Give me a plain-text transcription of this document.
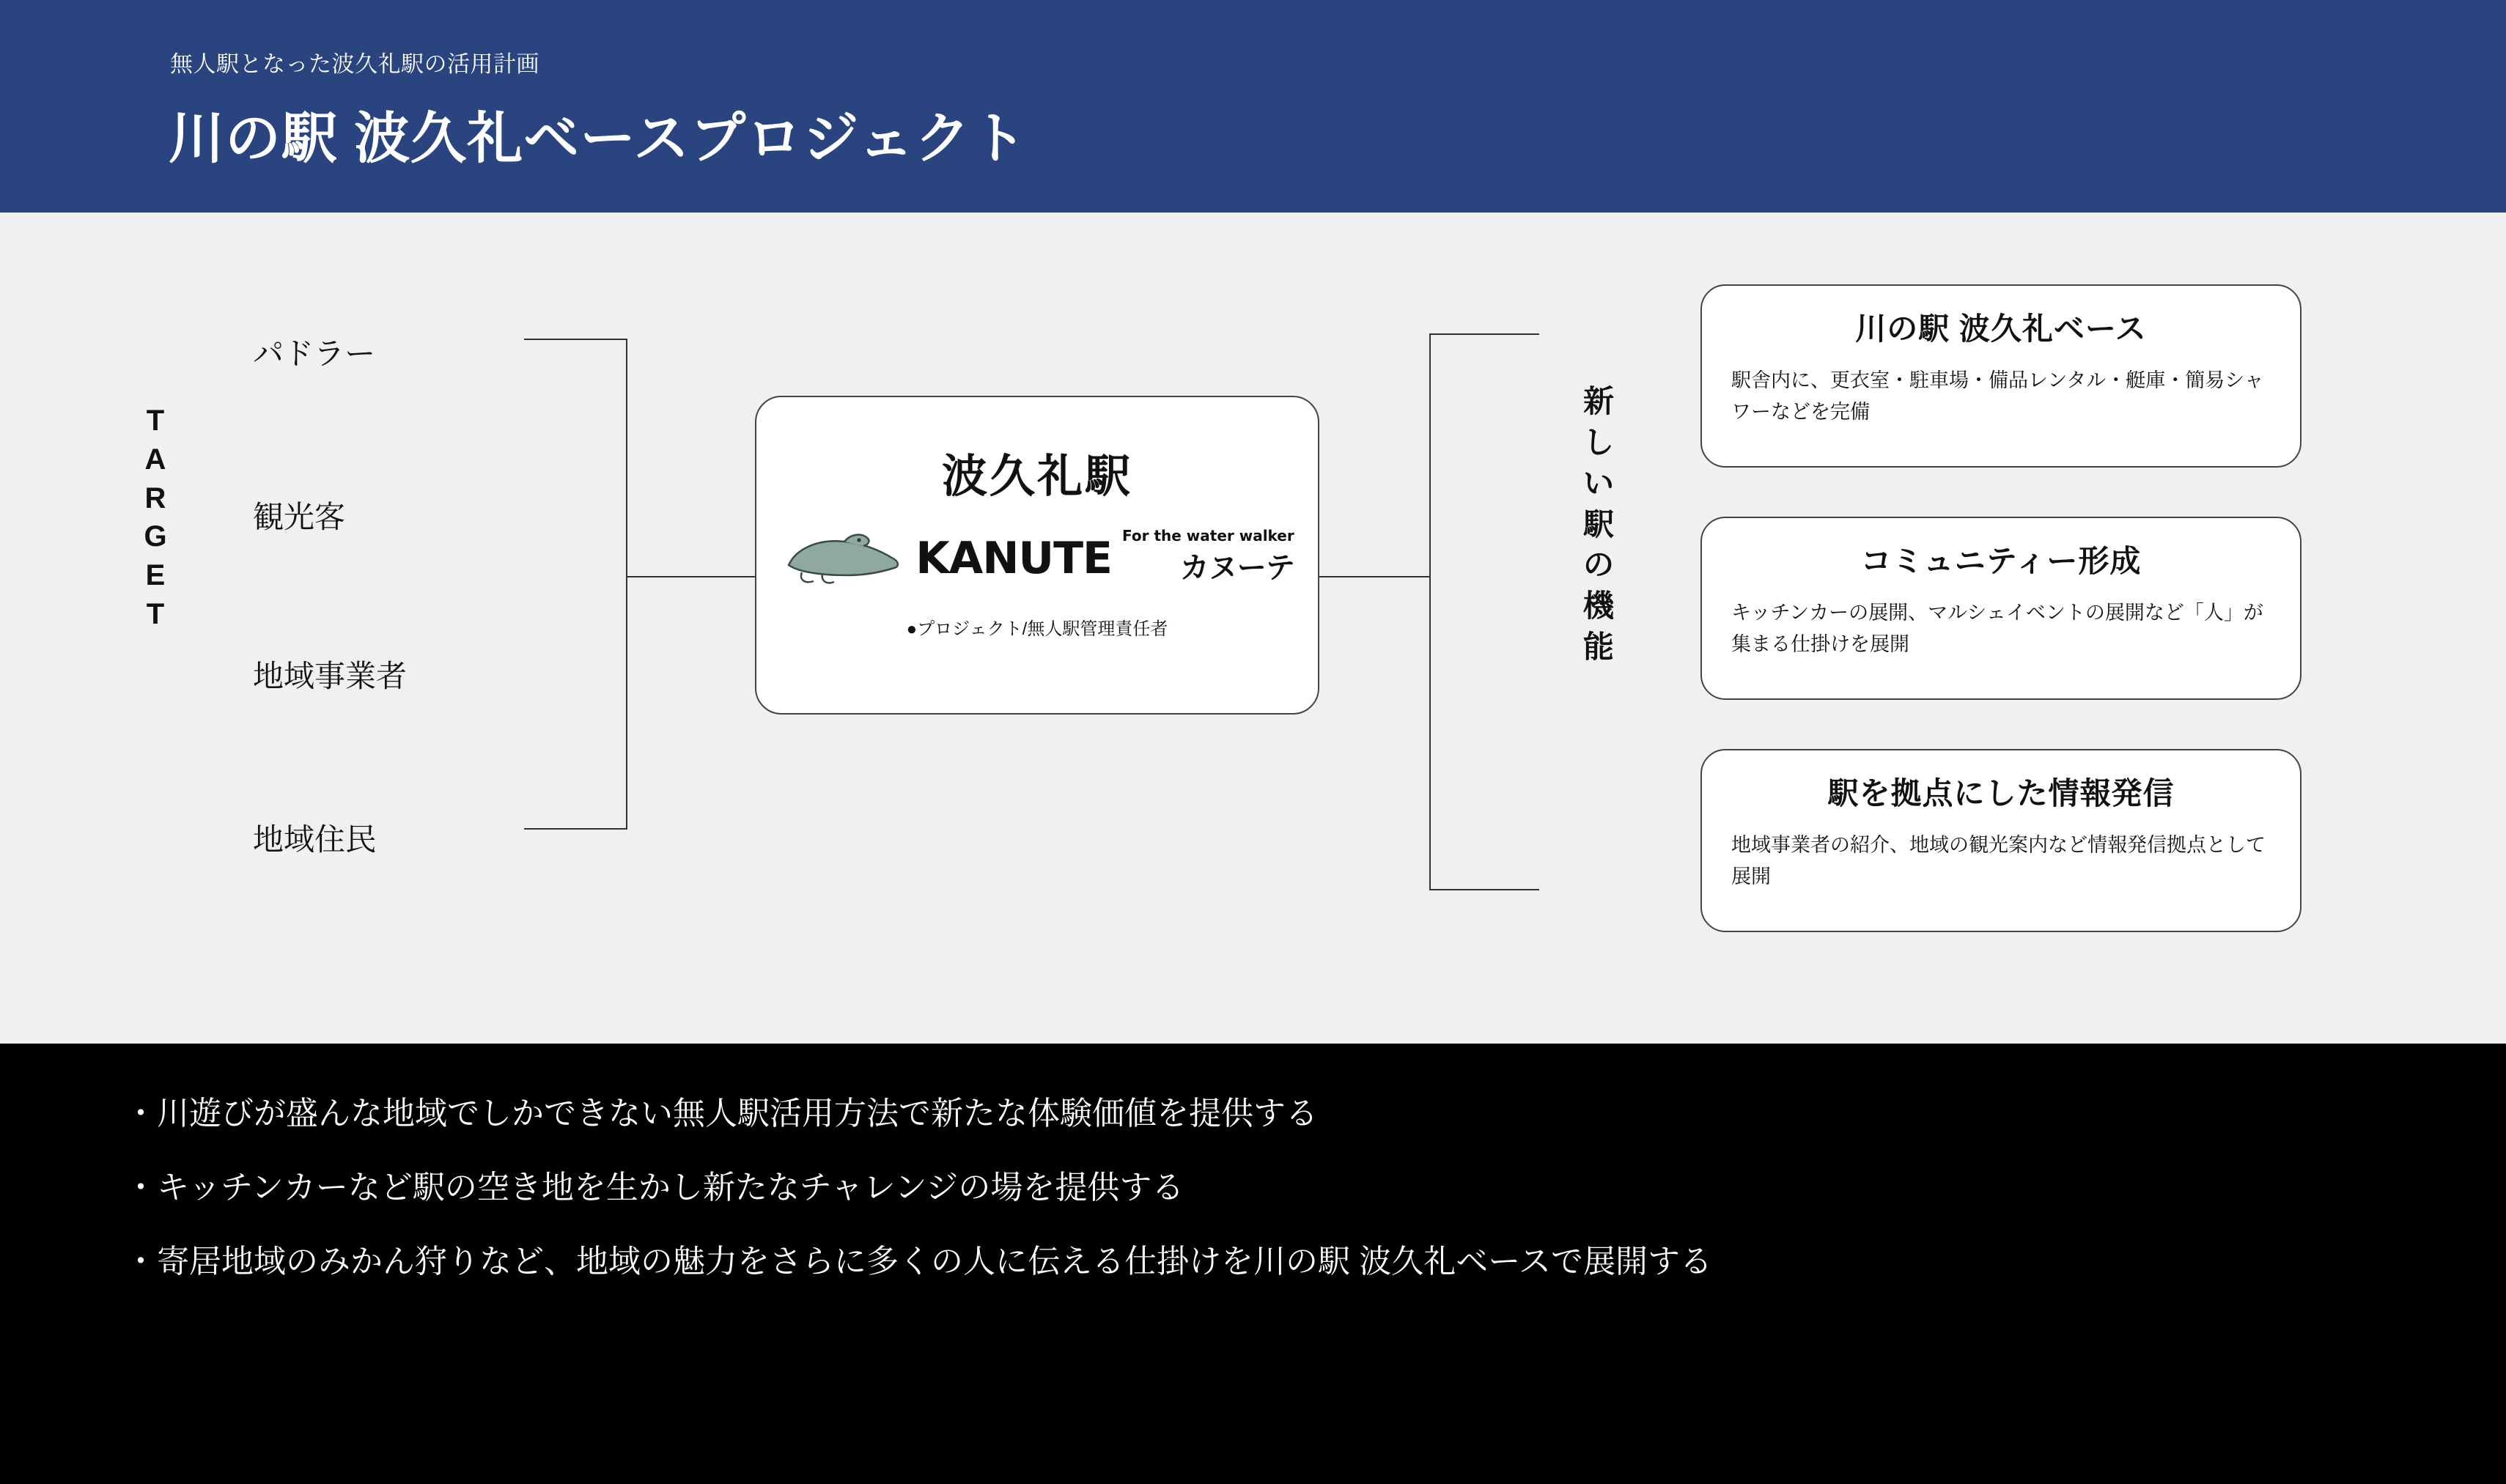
無人駅となった波久礼駅の活用計画
川の駅 波久礼ベースプロジェクト
T
A
R
G
E
T
パドラー
観光客
地域事業者
地域住民
波久礼駅
KANUTE For the water walker
カヌーテ
●プロジェクト/無人駅管理責任者
新
し
い
駅
の
機
能
川の駅 波久礼ベース
駅舎内に、更衣室・駐車場・備品レンタル・艇庫・簡易シャワーなどを完備
コミュニティー形成
キッチンカーの展開、マルシェイベントの展開など「人」が集まる仕掛けを展開
駅を拠点にした情報発信
地域事業者の紹介、地域の観光案内など情報発信拠点として展開
・川遊びが盛んな地域でしかできない無人駅活用方法で新たな体験価値を提供する
・キッチンカーなど駅の空き地を生かし新たなチャレンジの場を提供する
・寄居地域のみかん狩りなど、地域の魅力をさらに多くの人に伝える仕掛けを川の駅 波久礼ベースで展開する
